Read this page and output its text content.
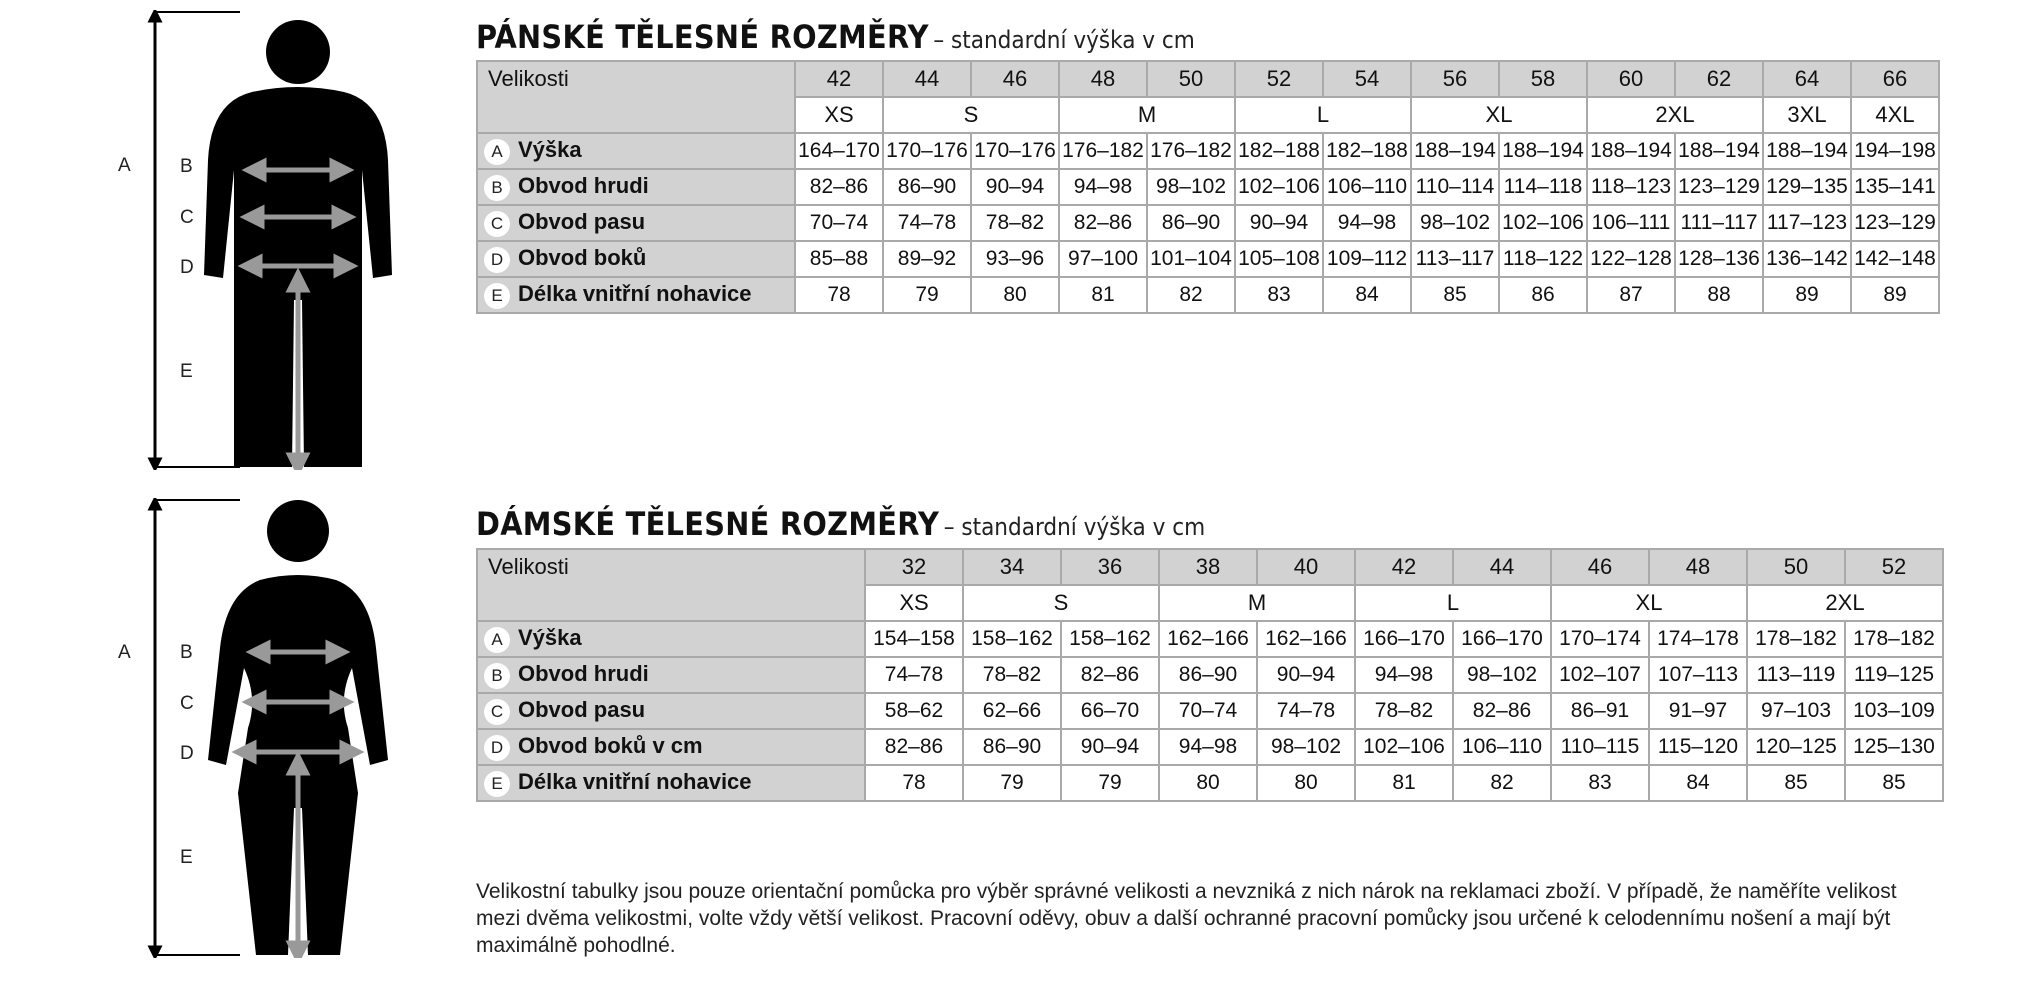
A	B
C
D
E
A	B
C
D
E
PÁNSKÉ TĚLESNÉ ROZMĚRY – standardní výška v cm
Velikosti	42	44	46	48	50	52	54	56	58	60	62	64	66
	XS	S		M		L		XL		2XL		3XL	4XL
A Výška	164–170	170–176	170–176	176–182	176–182	182–188	182–188	188–194	188–194	188–194	188–194	188–194	194–198
B Obvod hrudi	82–86	86–90	90–94	94–98	98–102	102–106	106–110	110–114	114–118	118–123	123–129	129–135	135–141
C Obvod pasu	70–74	74–78	78–82	82–86	86–90	90–94	94–98	98–102	102–106	106–111	111–117	117–123	123–129
D Obvod boků	85–88	89–92	93–96	97–100	101–104	105–108	109–112	113–117	118–122	122–128	128–136	136–142	142–148
E Délka vnitřní nohavice	78	79	80	81	82	83	84	85	86	87	88	89	89
DÁMSKÉ TĚLESNÉ ROZMĚRY – standardní výška v cm
Velikosti	32	34	36	38	40	42	44	46	48	50	52
	XS	S		M		L		XL		2XL	
A Výška	154–158	158–162	158–162	162–166	162–166	166–170	166–170	170–174	174–178	178–182	178–182
B Obvod hrudi	74–78	78–82	82–86	86–90	90–94	94–98	98–102	102–107	107–113	113–119	119–125
C Obvod pasu	58–62	62–66	66–70	70–74	74–78	78–82	82–86	86–91	91–97	97–103	103–109
D Obvod boků v cm	82–86	86–90	90–94	94–98	98–102	102–106	106–110	110–115	115–120	120–125	125–130
E Délka vnitřní nohavice	78	79	79	80	80	81	82	83	84	85	85
Velikostní tabulky jsou pouze orientační pomůcka pro výběr správné velikosti a nevzniká z nich nárok na reklamaci zboží. V případě, že naměříte velikost mezi dvěma velikostmi, volte vždy větší velikost. Pracovní oděvy, obuv a další ochranné pracovní pomůcky jsou určené k celodennímu nošení a mají být maximálně pohodlné.
